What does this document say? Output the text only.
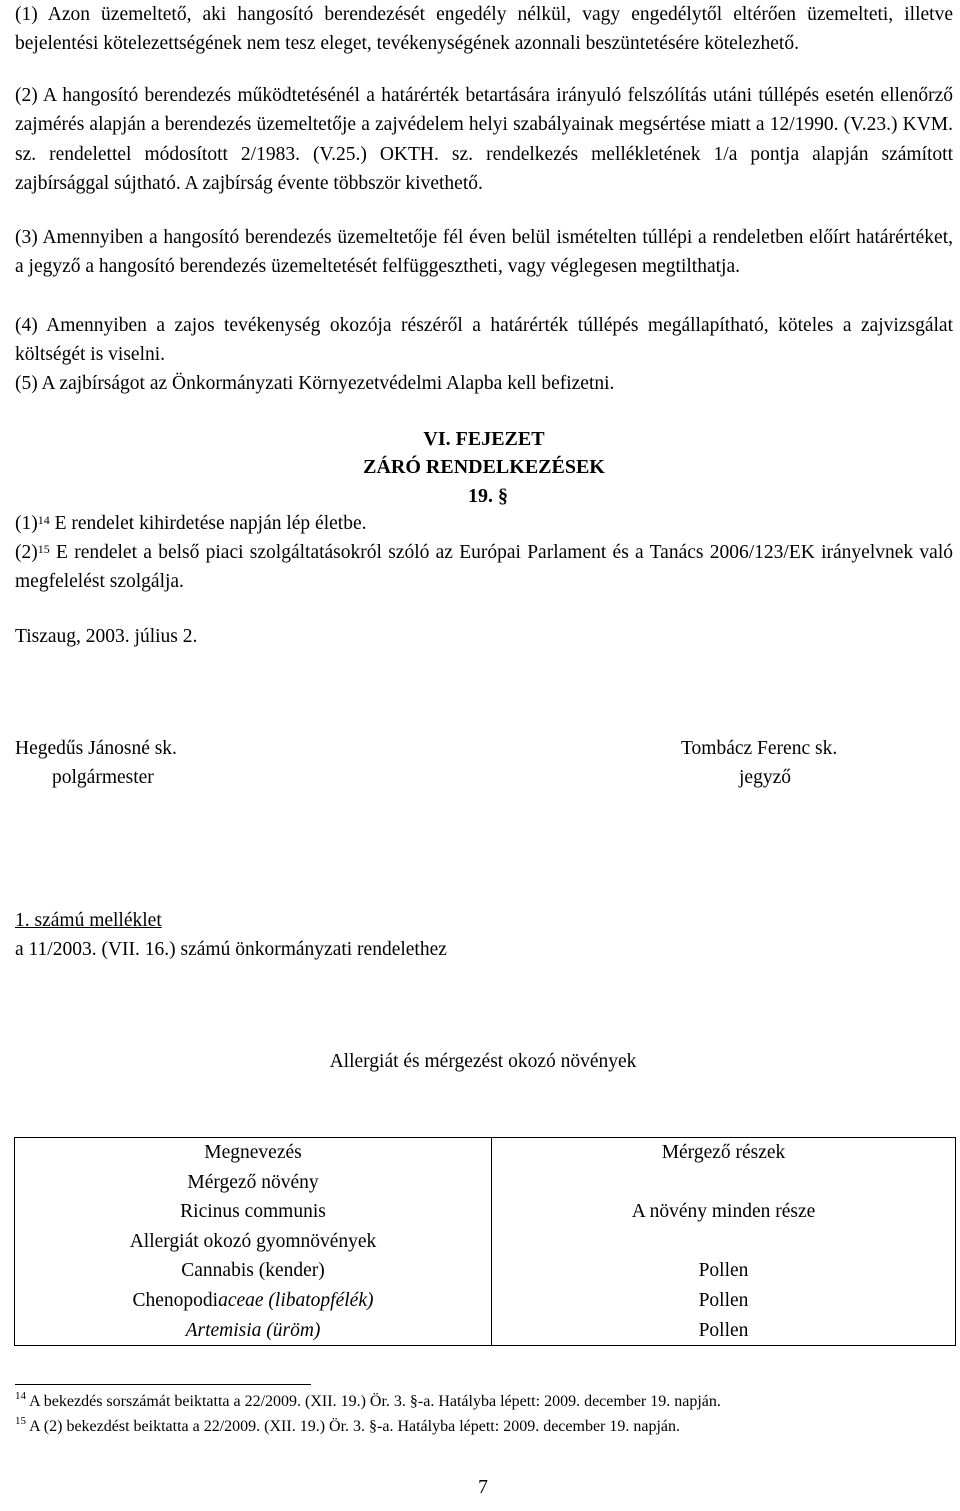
(1) Azon üzemeltető, aki hangosító berendezését engedély nélkül, vagy engedélytől eltérően üzemelteti, illetve bejelentési kötelezettségének nem tesz eleget, tevékenységének azonnali beszüntetésére kötelezhető.
(2) A hangosító berendezés működtetésénél a határérték betartására irányuló felszólítás utáni túllépés esetén ellenőrző zajmérés alapján a berendezés üzemeltetője a zajvédelem helyi szabályainak megsértése miatt a 12/1990. (V.23.) KVM. sz. rendelettel módosított 2/1983. (V.25.) OKTH. sz. rendelkezés mellékletének 1/a pontja alapján számított zajbírsággal sújtható. A zajbírság évente többször kivethető.
(3) Amennyiben a hangosító berendezés üzemeltetője fél éven belül ismételten túllépi a rendeletben előírt határértéket, a jegyző a hangosító berendezés üzemeltetését felfüggesztheti, vagy véglegesen megtilthatja.
(4) Amennyiben a zajos tevékenység okozója részéről a határérték túllépés megállapítható, köteles a zajvizsgálat költségét is viselni.
(5) A zajbírságot az Önkormányzati Környezetvédelmi Alapba kell befizetni.
VI. FEJEZET
ZÁRÓ RENDELKEZÉSEK
19. §
$(1)^{14}$ E rendelet kihirdetése napján lép életbe.
$(2)^{15}$ E rendelet a belső piaci szolgáltatásokról szóló az Európai Parlament és a Tanács 2006/123/EK irányelvnek való megfelelést szolgálja.
Tiszaug, 2003. július 2.
Hegedűs Jánosné sk.
polgármester
Tombácz Ferenc sk.
jegyző
1. számú melléklet
a 11/2003. (VII. 16.) számú önkormányzati rendelethez
Allergiát és mérgezést okozó növények
Megnevezés	Mérgező részek
Mérgező növény	
Ricinus communis	A növény minden része
Allergiát okozó gyomnövények	
Cannabis (kender)	Pollen
Chenopodiaceae (libatopfélék)	Pollen
Artemisia (üröm)	Pollen
$^{14}$ A bekezdés sorszámát beiktatta a 22/2009. (XII. 19.) Ör. 3. §-a. Hatályba lépett: 2009. december 19. napján.
$^{15}$ A (2) bekezdést beiktatta a 22/2009. (XII. 19.) Ör. 3. §-a. Hatályba lépett: 2009. december 19. napján.
7
